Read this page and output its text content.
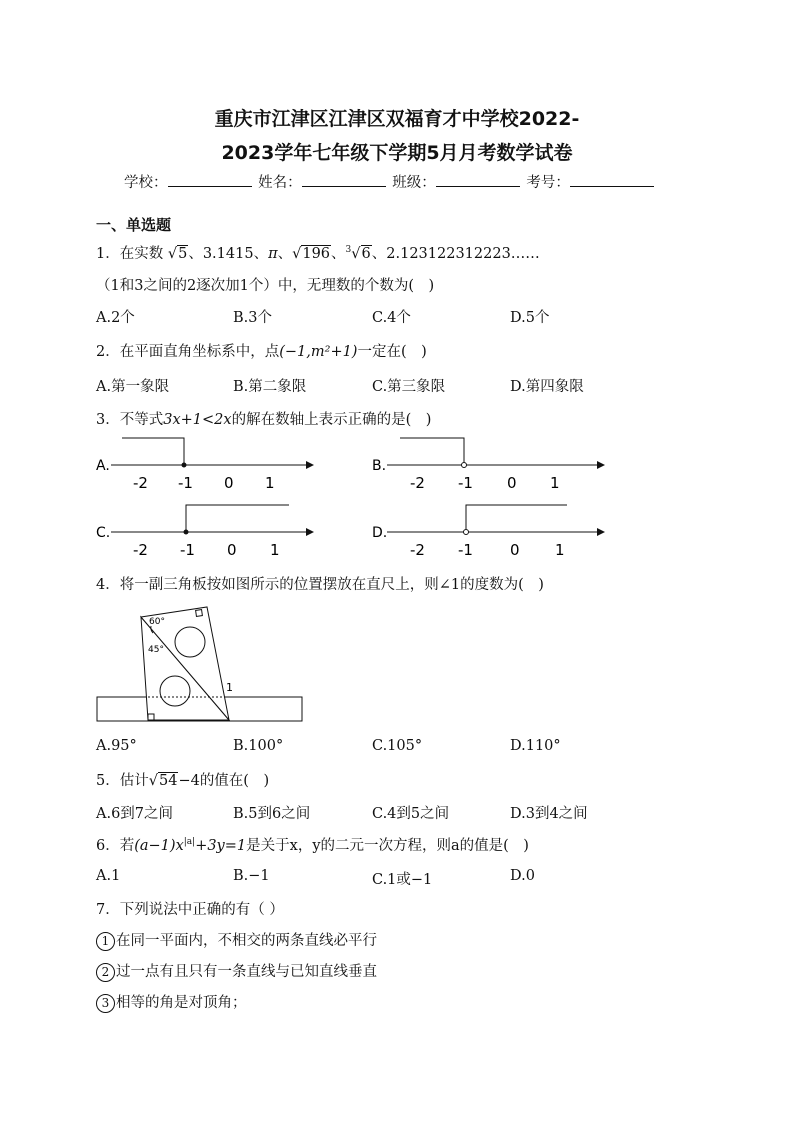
重庆市江津区江津区双福育才中学校2022-
2023学年七年级下学期5月月考数学试卷
学校：	姓名：	班级：	考号：
一、单选题
1．在实数 √5、3.1415、π、√196、$^3$√6、2.123122312223……
（1和3之间的2逐次加1个）中，无理数的个数为(　)
A.2个	B.3个	C.4个	D.5个
2．在平面直角坐标系中，点(−1,m²+1)一定在(　)
A.第一象限	B.第二象限	C.第三象限	D.第四象限
3．不等式3x+1<2x的解在数轴上表示正确的是(　)
A.
-2 -1 0 1
B.
-2 -1 0 1
C.
-2 -1 0 1
D.
-2 -1 0 1
60°
45°
1
4．将一副三角板按如图所示的位置摆放在直尺上，则∠1的度数为(　)
A.95°	B.100°	C.105°	D.110°
5．估计√54−4的值在(　)
A.6到7之间	B.5到6之间	C.4到5之间	D.3到4之间
6．若$(a-1)x^{|a|}+3y=1$是关于x，y的二元一次方程，则a的值是(　)
A.1	B.−1	C.1或−1	D.0
7．下列说法中正确的有（ ）
1 在同一平面内，不相交的两条直线必平行
2 过一点有且只有一条直线与已知直线垂直
3 相等的角是对顶角；
